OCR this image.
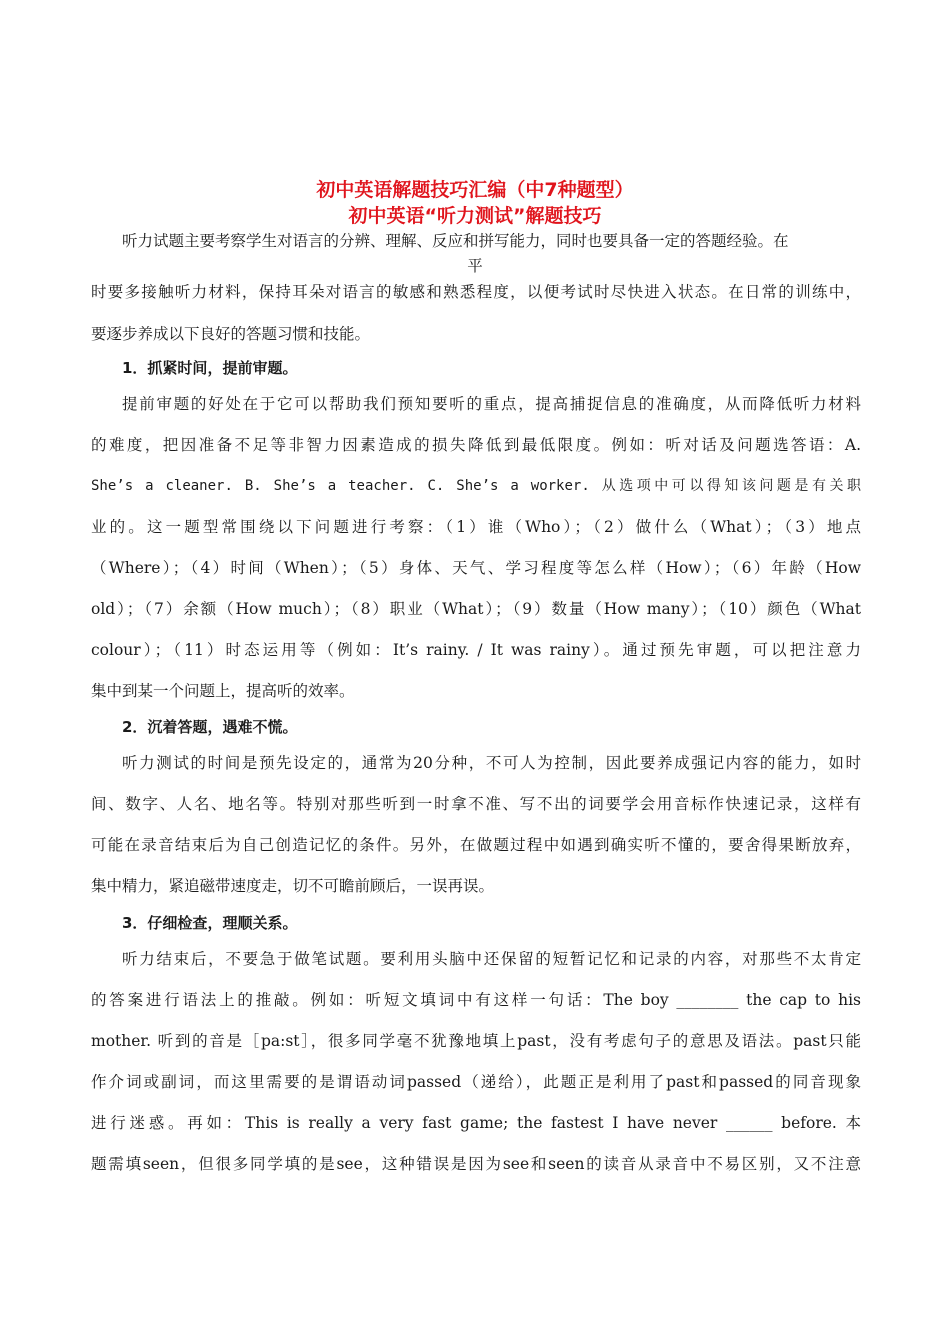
初中英语解题技巧汇编（中7种题型）
初中英语“听力测试”解题技巧
听力试题主要考察学生对语言的分辨、理解、反应和拼写能力，同时也要具备一定的答题经验。在
平
时要多接触听力材料，保持耳朵对语言的敏感和熟悉程度，以便考试时尽快进入状态。在日常的训练中，
要逐步养成以下良好的答题习惯和技能。
1．抓紧时间，提前审题。
提前审题的好处在于它可以帮助我们预知要听的重点，提高捕捉信息的准确度，从而降低听力材料
的难度，把因准备不足等非智力因素造成的损失降低到最低限度。例如：听对话及问题选答语：A.
She’s a cleaner. B. She’s a teacher. C. She’s a worker. 从选项中可以得知该问题是有关职
业的。这一题型常围绕以下问题进行考察：（1）谁（Who）；（2）做什么（What）；（3）地点
（Where）；（4）时间（When）；（5）身体、天气、学习程度等怎么样（How）；（6）年龄（How
old）；（7）余额（How much）；（8）职业（What）；（9）数量（How many）；（10）颜色（What
colour）；（11）时态运用等（例如：It’s rainy. / It was rainy）。通过预先审题，可以把注意力
集中到某一个问题上，提高听的效率。
2．沉着答题，遇难不慌。
听力测试的时间是预先设定的，通常为20分种，不可人为控制，因此要养成强记内容的能力，如时
间、数字、人名、地名等。特别对那些听到一时拿不准、写不出的词要学会用音标作快速记录，这样有
可能在录音结束后为自己创造记忆的条件。另外，在做题过程中如遇到确实听不懂的，要舍得果断放弃，
集中精力，紧追磁带速度走，切不可瞻前顾后，一误再误。
3．仔细检查，理顺关系。
听力结束后，不要急于做笔试题。要利用头脑中还保留的短暂记忆和记录的内容，对那些不太肯定
的答案进行语法上的推敲。例如：听短文填词中有这样一句话：The boy ________ the cap to his
mother. 听到的音是［pa:st］，很多同学毫不犹豫地填上past，没有考虑句子的意思及语法。past只能
作介词或副词，而这里需要的是谓语动词passed（递给），此题正是利用了past和passed的同音现象
进行迷惑。再如：This is really a very fast game; the fastest I have never ______ before. 本
题需填seen，但很多同学填的是see，这种错误是因为see和seen的读音从录音中不易区别，又不注意
